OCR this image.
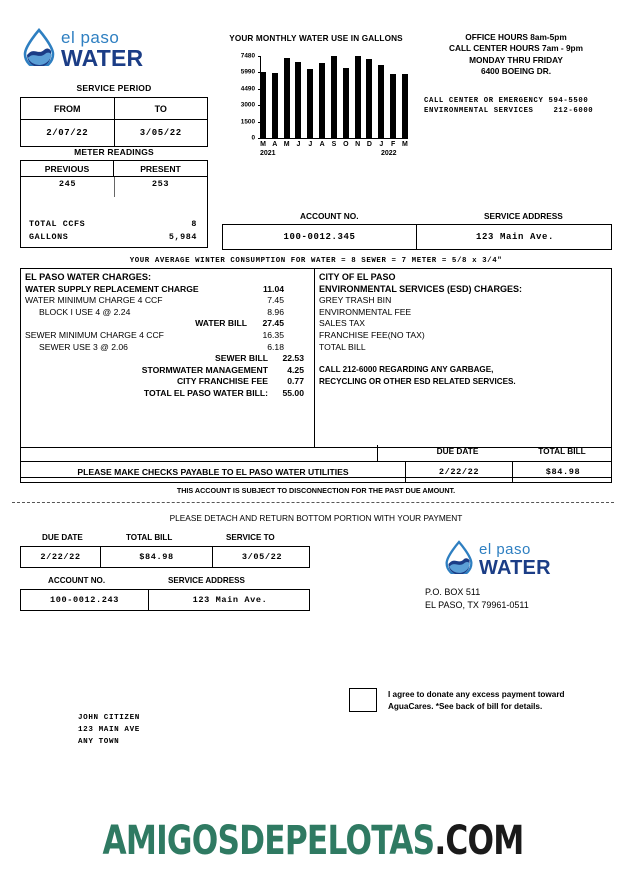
el paso
WATER
SERVICE PERIOD
FROM	TO
2/07/22	3/05/22
METER READINGS
PREVIOUS	PRESENT
245	253
TOTAL CCFS	8
GALLONS	5,984
YOUR MONTHLY WATER USE IN GALLONS
7480
5990
4490
3000
1500
0
M A M J J A S O N D J F M
2021	2022
OFFICE HOURS 8am-5pm
CALL CENTER HOURS 7am - 9pm
MONDAY THRU FRIDAY
6400 BOEING DR.
CALL CENTER OR EMERGENCY 594-5500
ENVIRONMENTAL SERVICES    212-6000
ACCOUNT NO.	SERVICE ADDRESS
100-0012.345	123 Main Ave.
YOUR AVERAGE WINTER CONSUMPTION FOR WATER = 8 SEWER = 7 METER = 5/8 x 3/4"
EL PASO WATER CHARGES:
WATER SUPPLY REPLACEMENT CHARGE	11.04
WATER MINIMUM CHARGE 4 CCF	7.45
BLOCK I USE 4 @ 2.24	8.96
WATER BILL 27.45
SEWER MINIMUM CHARGE 4 CCF	16.35
SEWER USE 3 @ 2.06	6.18
SEWER BILL 22.53
STORMWATER MANAGEMENT 4.25
CITY FRANCHISE FEE 0.77
TOTAL EL PASO WATER BILL: 55.00
CITY OF EL PASO
ENVIRONMENTAL SERVICES (ESD) CHARGES:
GREY TRASH BIN
ENVIRONMENTAL FEE
SALES TAX
FRANCHISE FEE(NO TAX)
TOTAL BILL
CALL 212-6000 REGARDING ANY GARBAGE,
RECYCLING OR OTHER ESD RELATED SERVICES.
DUE DATE	TOTAL BILL
PLEASE MAKE CHECKS PAYABLE TO EL PASO WATER UTILITIES	2/22/22	$84.98
THIS ACCOUNT IS SUBJECT TO DISCONNECTION FOR THE PAST DUE AMOUNT.
PLEASE DETACH AND RETURN BOTTOM PORTION WITH YOUR PAYMENT
DUE DATE	TOTAL BILL	SERVICE TO
2/22/22	$84.98	3/05/22
ACCOUNT NO.	SERVICE ADDRESS
100-0012.243	123 Main Ave.
el paso
WATER
P.O. BOX 511
EL PASO, TX 79961-0511
I agree to donate any excess payment toward
AguaCares. *See back of bill for details.
JOHN CITIZEN
123 MAIN AVE
ANY TOWN
AMIGOSDEPELOTAS.COM
